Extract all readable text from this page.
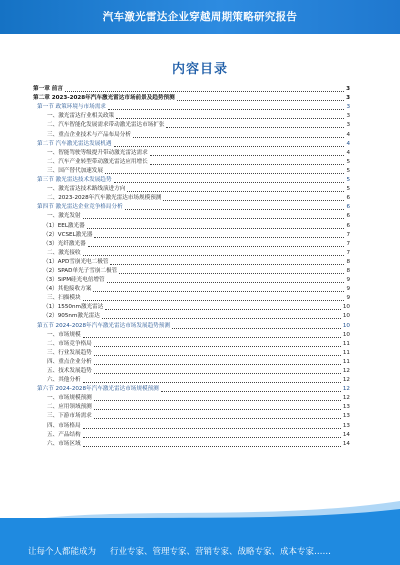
汽车激光雷达企业穿越周期策略研究报告
内容目录
第一章 前言	3
第二章 2023-2028年汽车激光雷达市场前景及趋势预测	3
第一节 政策环境与市场需求	3
一、激光雷达行业相关政策	3
二、汽车智能化发展需求带动激光雷达市场扩张	3
三、重点企业技术与产品布局分析	4
第二节 汽车激光雷达发展机遇	4
一、智能驾驶等级提升带动激光雷达需求	4
二、汽车产业转型带动激光雷达应用增长	5
三、国产替代加速发展	5
第三节 激光雷达技术发展趋势	5
一、激光雷达技术路线演进方向	5
二、2023-2028年汽车激光雷达市场规模预测	6
第四节 激光雷达企业竞争格局分析	6
一、激光发射	6
（1）EEL激光器	6
（2）VCSEL激光器	7
（3）光纤激光器	7
二、激光接收	7
（1）APD雪崩光电二极管	8
（2）SPAD单光子雪崩二极管	8
（3）SiPM硅光电倍增管	9
（4）其他接收方案	9
三、扫描模块	9
（1）1550nm激光雷达	10
（2）905nm激光雷达	10
第五节 2024-2028年汽车激光雷达市场发展趋势预测	10
一、市场规模	10
二、市场竞争格局	11
三、行业发展趋势	11
四、重点企业分析	11
五、技术发展趋势	12
六、其他分析	12
第六节 2024-2028年汽车激光雷达市场规模预测	12
一、市场规模预测	12
二、应用领域预测	13
三、下游市场需求	13
四、市场格局	13
五、产品结构	14
六、市场区域	14
让每个人都能成为 行业专家、管理专家、营销专家、战略专家、成本专家……
